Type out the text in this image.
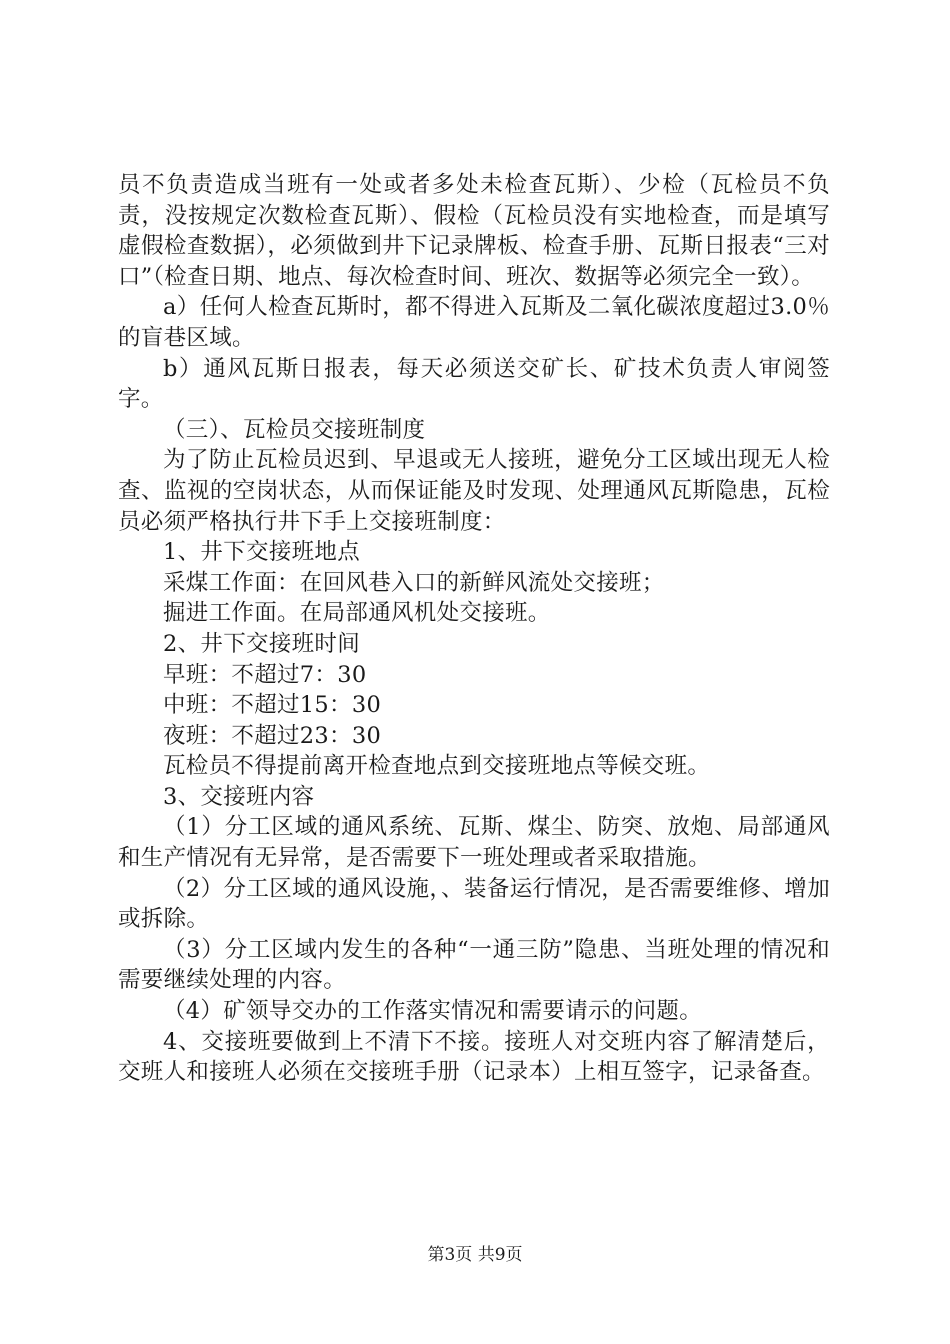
员不负责造成当班有一处或者多处未检查瓦斯）、少检（瓦检员不负责，没按规定次数检查瓦斯）、假检（瓦检员没有实地检查，而是填写虚假检查数据），必须做到井下记录牌板、检查手册、瓦斯日报表“三对口”（检查日期、地点、每次检查时间、班次、数据等必须完全一致）。

a）任何人检查瓦斯时，都不得进入瓦斯及二氧化碳浓度超过3.0％的盲巷区域。

b）通风瓦斯日报表，每天必须送交矿长、矿技术负责人审阅签字。

（三）、瓦检员交接班制度

为了防止瓦检员迟到、早退或无人接班，避免分工区域出现无人检查、监视的空岗状态，从而保证能及时发现、处理通风瓦斯隐患，瓦检员必须严格执行井下手上交接班制度：

1、井下交接班地点

采煤工作面：在回风巷入口的新鲜风流处交接班；

掘进工作面。在局部通风机处交接班。

2、井下交接班时间

早班：不超过7：30

中班：不超过15：30

夜班：不超过23：30

瓦检员不得提前离开检查地点到交接班地点等候交班。

3、交接班内容

（1）分工区域的通风系统、瓦斯、煤尘、防突、放炮、局部通风和生产情况有无异常，是否需要下一班处理或者采取措施。

（2）分工区域的通风设施，、装备运行情况，是否需要维修、增加或拆除。

（3）分工区域内发生的各种“一通三防”隐患、当班处理的情况和需要继续处理的内容。

（4）矿领导交办的工作落实情况和需要请示的问题。

4、交接班要做到上不清下不接。接班人对交班内容了解清楚后，交班人和接班人必须在交接班手册（记录本）上相互签字，记录备查。

第3页 共9页
